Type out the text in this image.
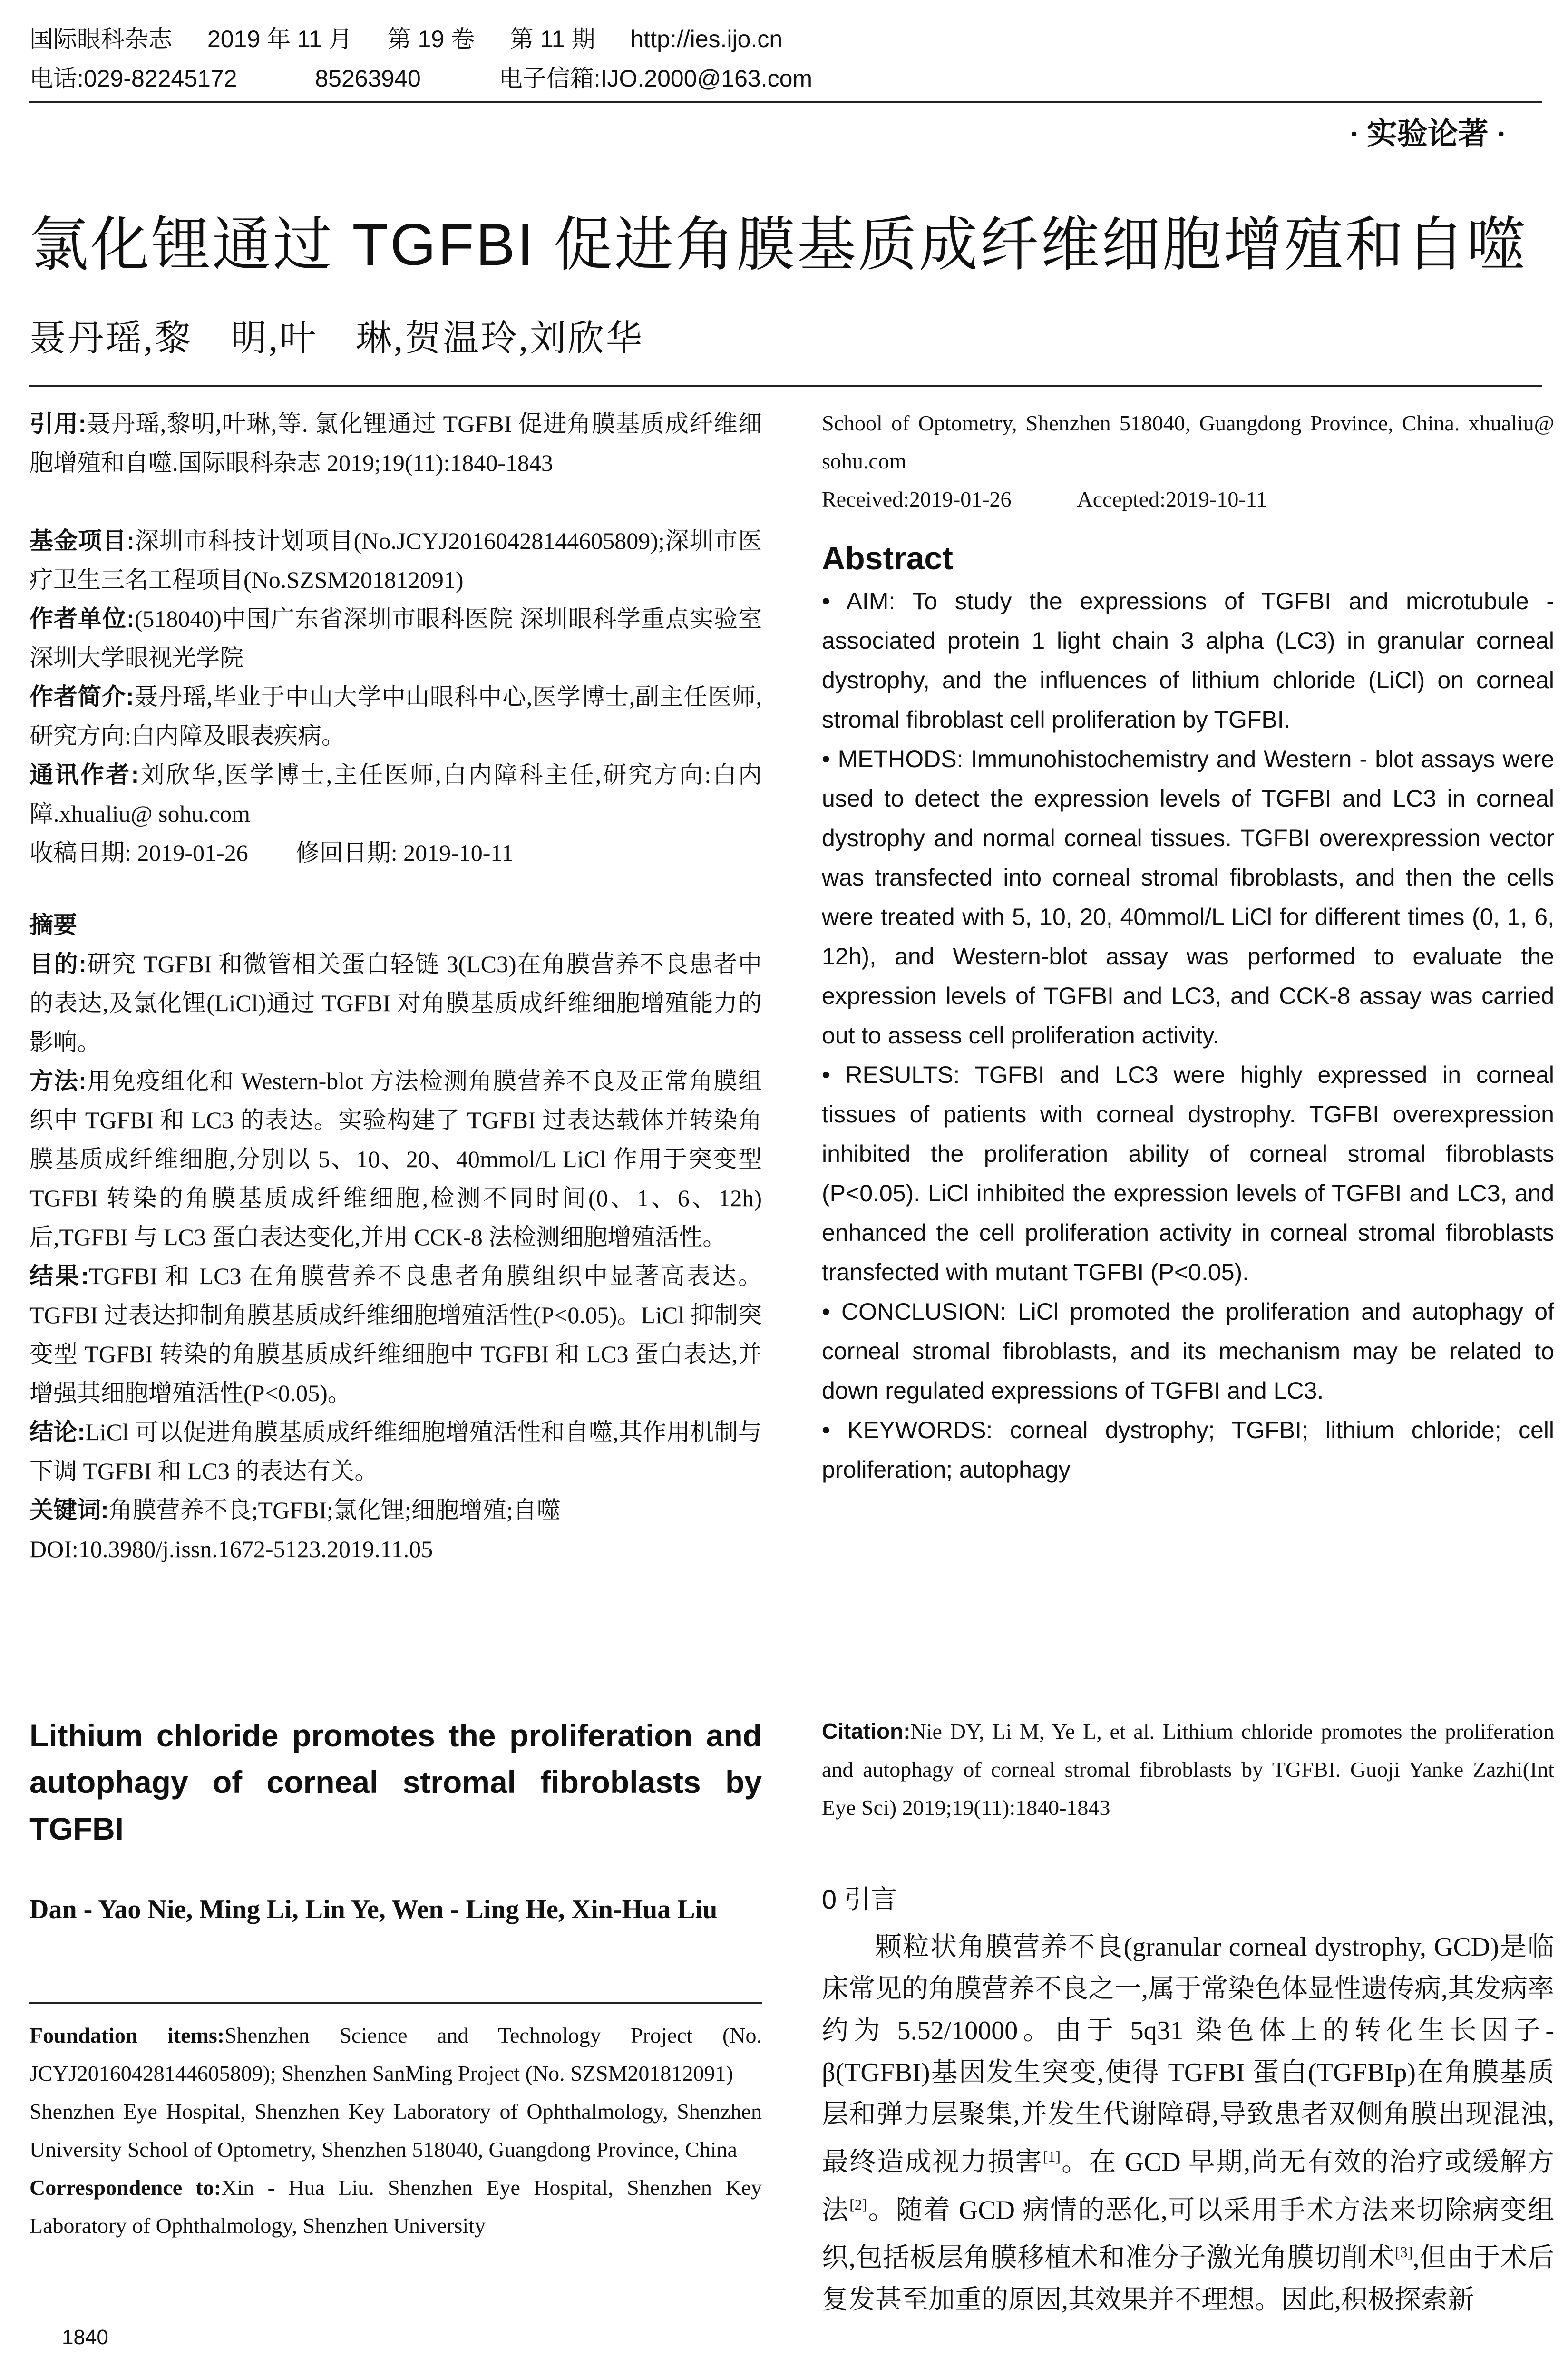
国际眼科杂志 2019 年 11 月 第 19 卷 第 11 期 http://ies.ijo.cn
电话:029-82245172	85263940	电子信箱:IJO.2000@163.com
· 实验论著 ·
氯化锂通过 TGFBI 促进角膜基质成纤维细胞增殖和自噬
聂丹瑶,黎　明,叶　琳,贺温玲,刘欣华

引用:聂丹瑶,黎明,叶琳,等. 氯化锂通过 TGFBI 促进角膜基质成纤维细胞增殖和自噬.国际眼科杂志 2019;19(11):1840-1843

基金项目:深圳市科技计划项目(No.JCYJ20160428144605809);深圳市医疗卫生三名工程项目(No.SZSM201812091)

作者单位:(518040)中国广东省深圳市眼科医院 深圳眼科学重点实验室 深圳大学眼视光学院

作者简介:聂丹瑶,毕业于中山大学中山眼科中心,医学博士,副主任医师,研究方向:白内障及眼表疾病。

通讯作者:刘欣华,医学博士,主任医师,白内障科主任,研究方向:白内障.xhualiu@ sohu.com

收稿日期: 2019-01-26　　修回日期: 2019-10-11

摘要

目的:研究 TGFBI 和微管相关蛋白轻链 3(LC3)在角膜营养不良患者中的表达,及氯化锂(LiCl)通过 TGFBI 对角膜基质成纤维细胞增殖能力的影响。

方法:用免疫组化和 Western-blot 方法检测角膜营养不良及正常角膜组织中 TGFBI 和 LC3 的表达。实验构建了 TGFBI 过表达载体并转染角膜基质成纤维细胞,分别以 5、10、20、40mmol/L LiCl 作用于突变型 TGFBI 转染的角膜基质成纤维细胞,检测不同时间(0、1、6、12h)后,TGFBI 与 LC3 蛋白表达变化,并用 CCK-8 法检测细胞增殖活性。

结果:TGFBI 和 LC3 在角膜营养不良患者角膜组织中显著高表达。TGFBI 过表达抑制角膜基质成纤维细胞增殖活性(P<0.05)。LiCl 抑制突变型 TGFBI 转染的角膜基质成纤维细胞中 TGFBI 和 LC3 蛋白表达,并增强其细胞增殖活性(P<0.05)。

结论:LiCl 可以促进角膜基质成纤维细胞增殖活性和自噬,其作用机制与下调 TGFBI 和 LC3 的表达有关。

关键词:角膜营养不良;TGFBI;氯化锂;细胞增殖;自噬

DOI:10.3980/j.issn.1672-5123.2019.11.05

Lithium chloride promotes the proliferation and autophagy of corneal stromal fibroblasts by TGFBI

Dan - Yao Nie, Ming Li, Lin Ye, Wen - Ling He, Xin-Hua Liu

Foundation items:Shenzhen Science and Technology Project (No. JCYJ20160428144605809); Shenzhen SanMing Project (No. SZSM201812091)

Shenzhen Eye Hospital, Shenzhen Key Laboratory of Ophthalmology, Shenzhen University School of Optometry, Shenzhen 518040, Guangdong Province, China

Correspondence to:Xin - Hua Liu. Shenzhen Eye Hospital, Shenzhen Key Laboratory of Ophthalmology, Shenzhen University

School of Optometry, Shenzhen 518040, Guangdong Province, China. xhualiu@ sohu.com

Received:2019-01-26　　　Accepted:2019-10-11

Abstract

• AIM: To study the expressions of TGFBI and microtubule - associated protein 1 light chain 3 alpha (LC3) in granular corneal dystrophy, and the influences of lithium chloride (LiCl) on corneal stromal fibroblast cell proliferation by TGFBI.

• METHODS: Immunohistochemistry and Western - blot assays were used to detect the expression levels of TGFBI and LC3 in corneal dystrophy and normal corneal tissues. TGFBI overexpression vector was transfected into corneal stromal fibroblasts, and then the cells were treated with 5, 10, 20, 40mmol/L LiCl for different times (0, 1, 6, 12h), and Western-blot assay was performed to evaluate the expression levels of TGFBI and LC3, and CCK-8 assay was carried out to assess cell proliferation activity.

• RESULTS: TGFBI and LC3 were highly expressed in corneal tissues of patients with corneal dystrophy. TGFBI overexpression inhibited the proliferation ability of corneal stromal fibroblasts (P<0.05). LiCl inhibited the expression levels of TGFBI and LC3, and enhanced the cell proliferation activity in corneal stromal fibroblasts transfected with mutant TGFBI (P<0.05).

• CONCLUSION: LiCl promoted the proliferation and autophagy of corneal stromal fibroblasts, and its mechanism may be related to down regulated expressions of TGFBI and LC3.

• KEYWORDS: corneal dystrophy; TGFBI; lithium chloride; cell proliferation; autophagy

Citation:Nie DY, Li M, Ye L, et al. Lithium chloride promotes the proliferation and autophagy of corneal stromal fibroblasts by TGFBI. Guoji Yanke Zazhi(Int Eye Sci) 2019;19(11):1840-1843

0 引言

颗粒状角膜营养不良(granular corneal dystrophy, GCD)是临床常见的角膜营养不良之一,属于常染色体显性遗传病,其发病率约为 5.52/10000。由于 5q31 染色体上的转化生长因子-β(TGFBI)基因发生突变,使得 TGFBI 蛋白(TGFBIp)在角膜基质层和弹力层聚集,并发生代谢障碍,导致患者双侧角膜出现混浊,最终造成视力损害[1]。在 GCD 早期,尚无有效的治疗或缓解方法[2]。随着 GCD 病情的恶化,可以采用手术方法来切除病变组织,包括板层角膜移植术和准分子激光角膜切削术[3],但由于术后复发甚至加重的原因,其效果并不理想。因此,积极探索新

1840
